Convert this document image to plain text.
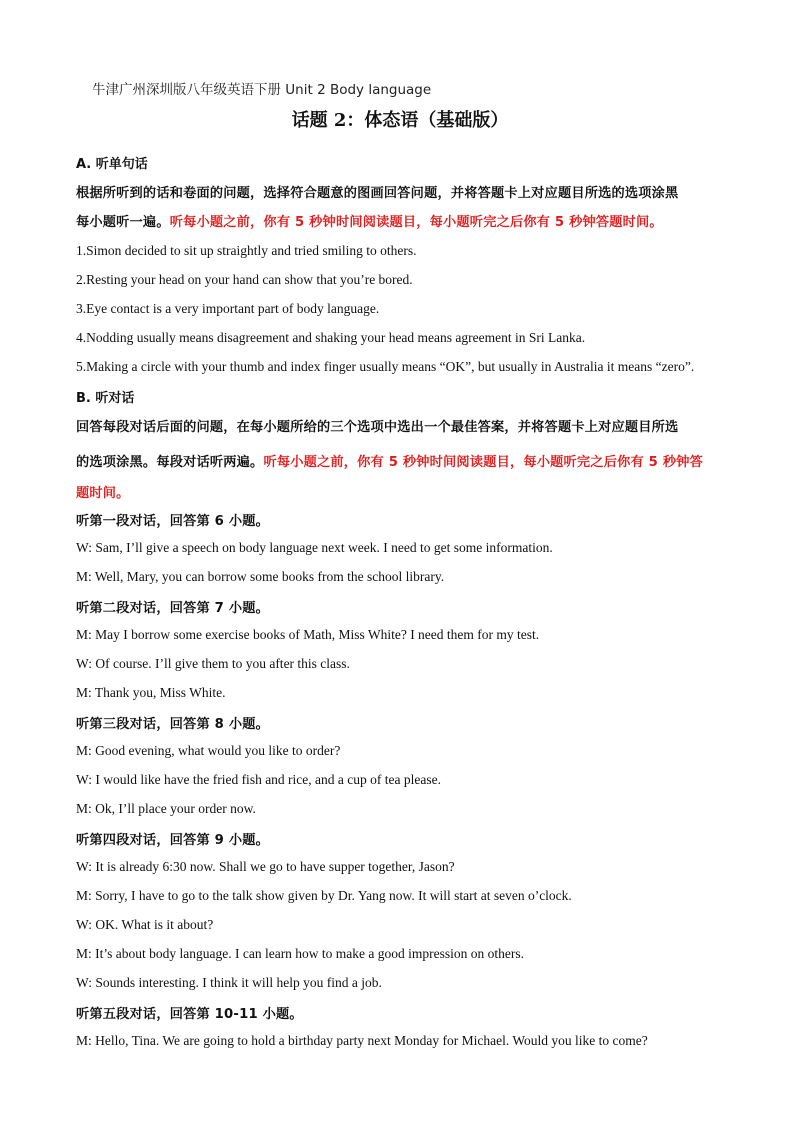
牛津广州深圳版八年级英语下册 Unit 2 Body language
话题 2：体态语（基础版）
A. 听单句话
根据所听到的话和卷面的问题，选择符合题意的图画回答问题，并将答题卡上对应题目所选的选项涂黑
每小题听一遍。听每小题之前，你有 5 秒钟时间阅读题目，每小题听完之后你有 5 秒钟答题时间。
1.Simon decided to sit up straightly and tried smiling to others.
2.Resting your head on your hand can show that you’re bored.
3.Eye contact is a very important part of body language.
4.Nodding usually means disagreement and shaking your head means agreement in Sri Lanka.
5.Making a circle with your thumb and index finger usually means “OK”, but usually in Australia it means “zero”.
B. 听对话
回答每段对话后面的问题，在每小题所给的三个选项中选出一个最佳答案，并将答题卡上对应题目所选
的选项涂黑。每段对话听两遍。听每小题之前，你有 5 秒钟时间阅读题目，每小题听完之后你有 5 秒钟答
题时间。
听第一段对话，回答第 6 小题。
W: Sam, I’ll give a speech on body language next week. I need to get some information.
M: Well, Mary, you can borrow some books from the school library.
听第二段对话，回答第 7 小题。
M: May I borrow some exercise books of Math, Miss White? I need them for my test.
W: Of course. I’ll give them to you after this class.
M: Thank you, Miss White.
听第三段对话，回答第 8 小题。
M: Good evening, what would you like to order?
W: I would like have the fried fish and rice, and a cup of tea please.
M: Ok, I’ll place your order now.
听第四段对话，回答第 9 小题。
W: It is already 6:30 now. Shall we go to have supper together, Jason?
M: Sorry, I have to go to the talk show given by Dr. Yang now. It will start at seven o’clock.
W: OK. What is it about?
M: It’s about body language. I can learn how to make a good impression on others.
W: Sounds interesting. I think it will help you find a job.
听第五段对话，回答第 10-11 小题。
M: Hello, Tina. We are going to hold a birthday party next Monday for Michael. Would you like to come?
